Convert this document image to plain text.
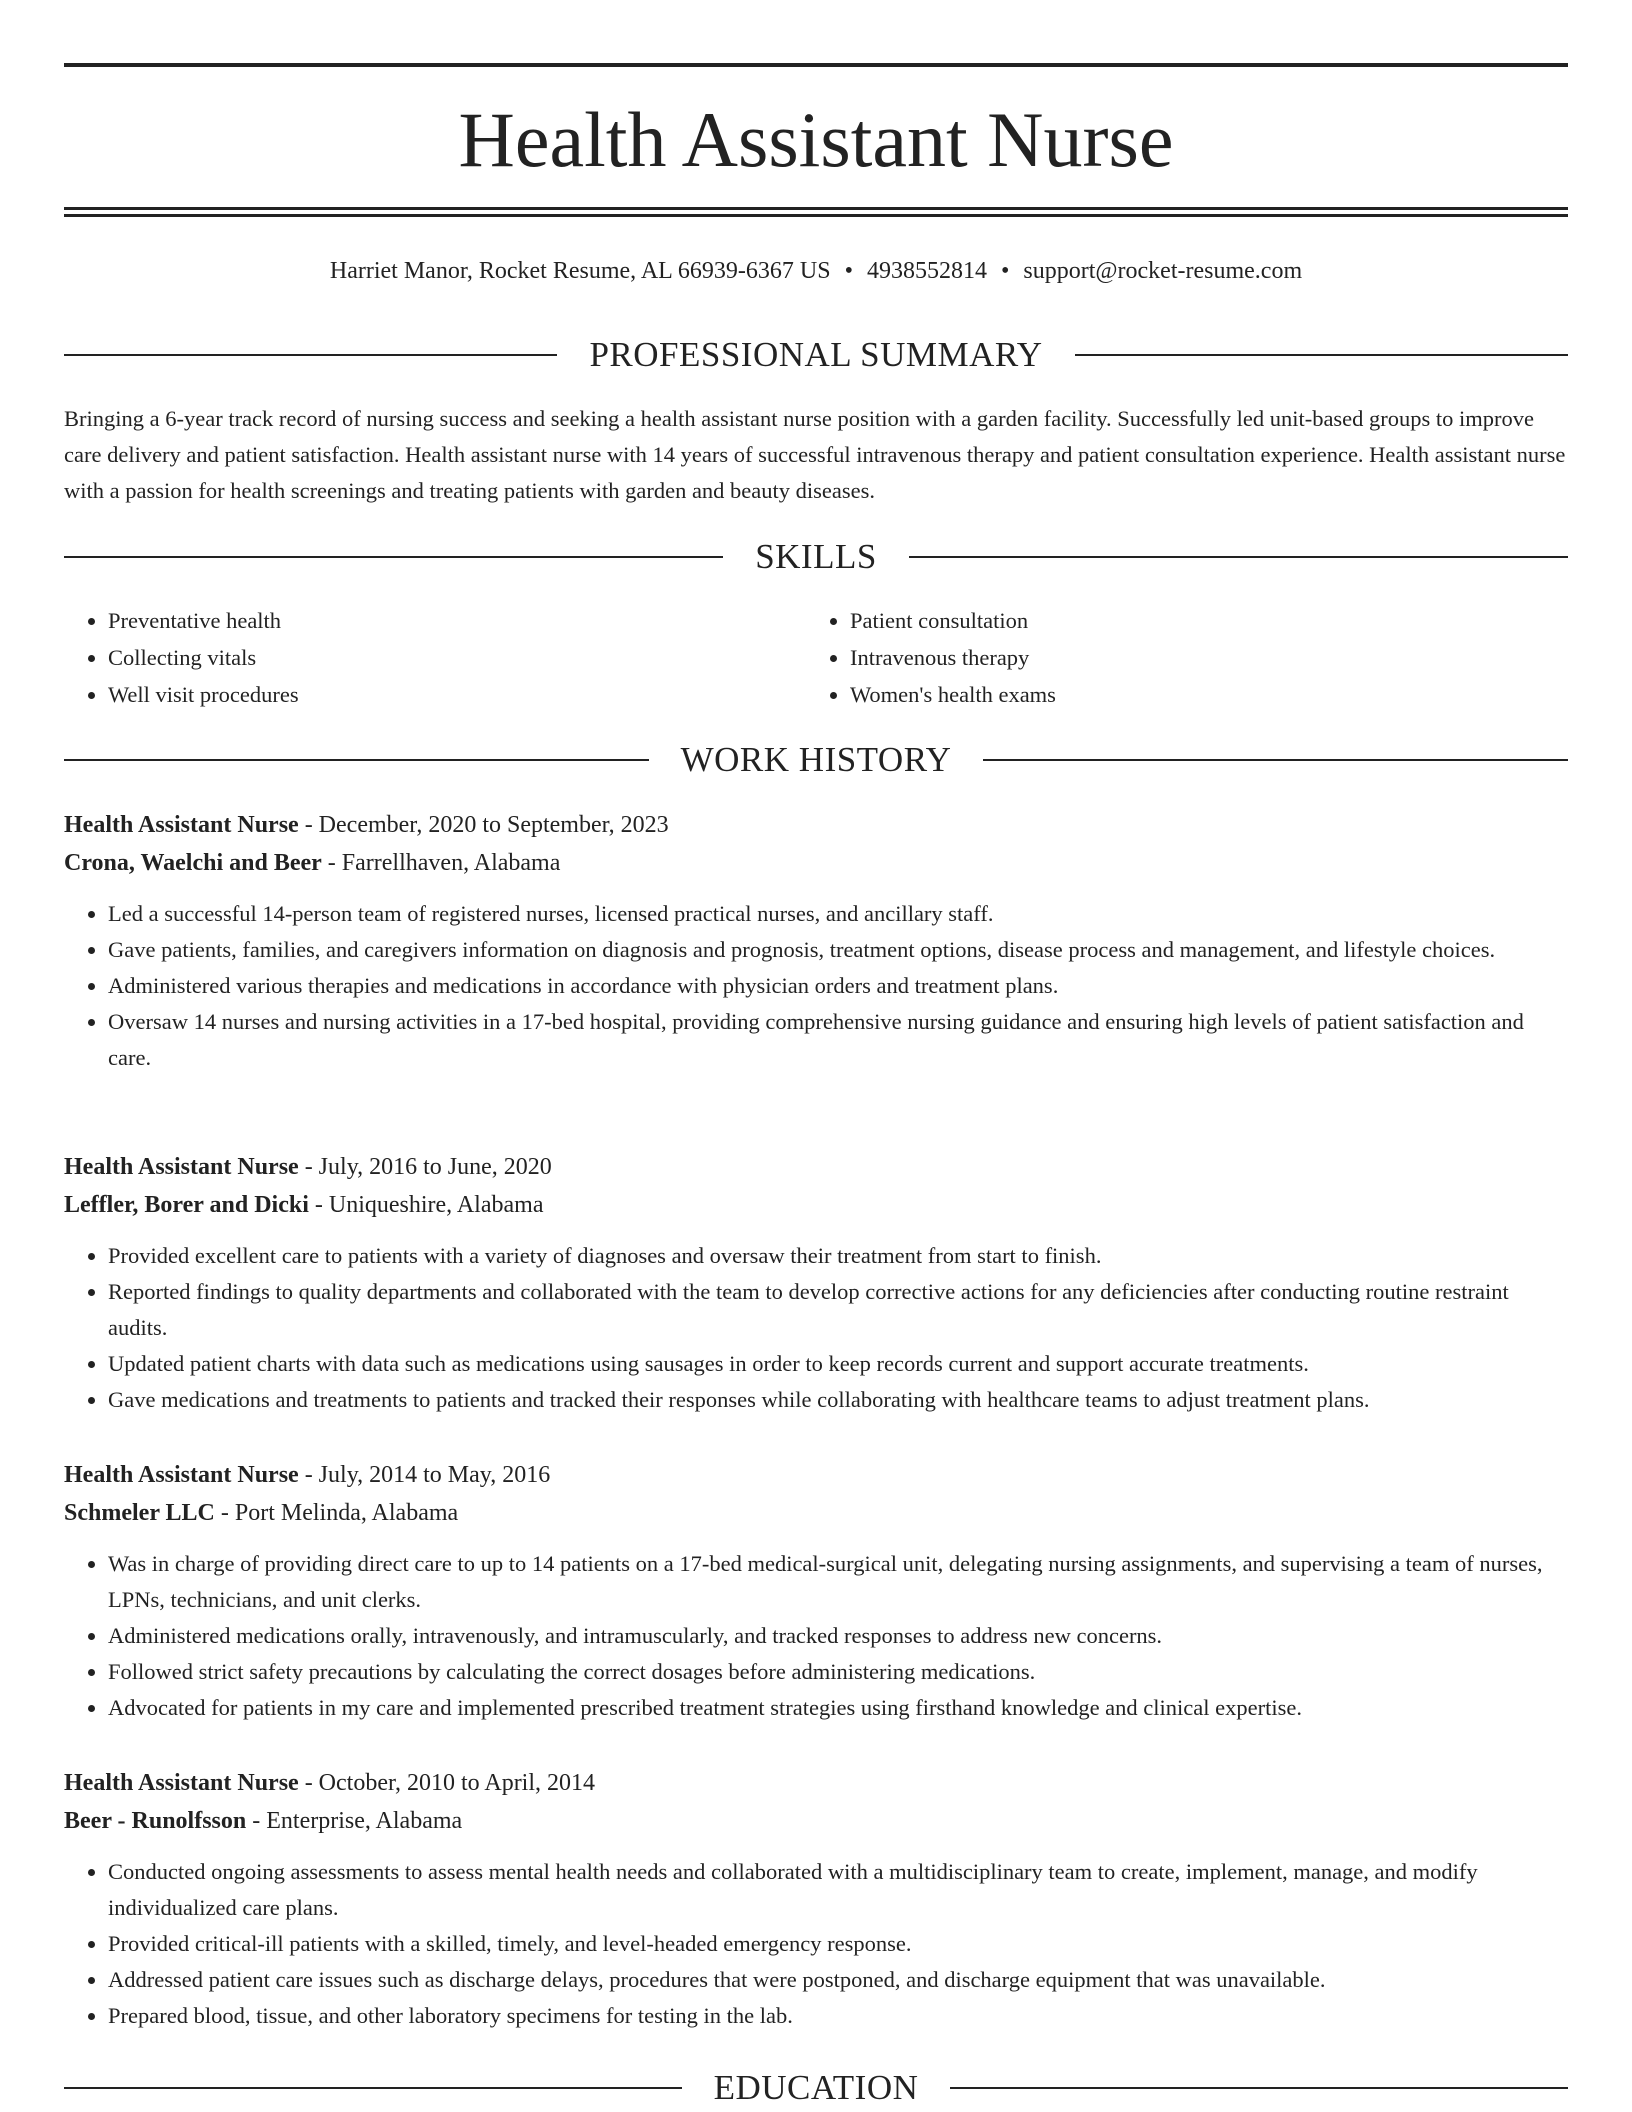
Health Assistant Nurse
Harriet Manor, Rocket Resume, AL 66939-6367 US • 4938552814 • support@rocket-resume.com
PROFESSIONAL SUMMARY

Bringing a 6-year track record of nursing success and seeking a health assistant nurse position with a garden facility. Successfully led unit-based groups to improve care delivery and patient satisfaction. Health assistant nurse with 14 years of successful intravenous therapy and patient consultation experience. Health assistant nurse with a passion for health screenings and treating patients with garden and beauty diseases.

SKILLS
• Preventative health
• Collecting vitals
• Well visit procedures
• Patient consultation
• Intravenous therapy
• Women's health exams
WORK HISTORY
Health Assistant Nurse - December, 2020 to September, 2023
Crona, Waelchi and Beer - Farrellhaven, Alabama
• Led a successful 14-person team of registered nurses, licensed practical nurses, and ancillary staff.
• Gave patients, families, and caregivers information on diagnosis and prognosis, treatment options, disease process and management, and lifestyle choices.
• Administered various therapies and medications in accordance with physician orders and treatment plans.
• Oversaw 14 nurses and nursing activities in a 17-bed hospital, providing comprehensive nursing guidance and ensuring high levels of patient satisfaction and care.
Health Assistant Nurse - July, 2016 to June, 2020
Leffler, Borer and Dicki - Uniqueshire, Alabama
• Provided excellent care to patients with a variety of diagnoses and oversaw their treatment from start to finish.
• Reported findings to quality departments and collaborated with the team to develop corrective actions for any deficiencies after conducting routine restraint audits.
• Updated patient charts with data such as medications using sausages in order to keep records current and support accurate treatments.
• Gave medications and treatments to patients and tracked their responses while collaborating with healthcare teams to adjust treatment plans.
Health Assistant Nurse - July, 2014 to May, 2016
Schmeler LLC - Port Melinda, Alabama
• Was in charge of providing direct care to up to 14 patients on a 17-bed medical-surgical unit, delegating nursing assignments, and supervising a team of nurses, LPNs, technicians, and unit clerks.
• Administered medications orally, intravenously, and intramuscularly, and tracked responses to address new concerns.
• Followed strict safety precautions by calculating the correct dosages before administering medications.
• Advocated for patients in my care and implemented prescribed treatment strategies using firsthand knowledge and clinical expertise.
Health Assistant Nurse - October, 2010 to April, 2014
Beer - Runolfsson - Enterprise, Alabama
• Conducted ongoing assessments to assess mental health needs and collaborated with a multidisciplinary team to create, implement, manage, and modify individualized care plans.
• Provided critical-ill patients with a skilled, timely, and level-headed emergency response.
• Addressed patient care issues such as discharge delays, procedures that were postponed, and discharge equipment that was unavailable.
• Prepared blood, tissue, and other laboratory specimens for testing in the lab.
EDUCATION
